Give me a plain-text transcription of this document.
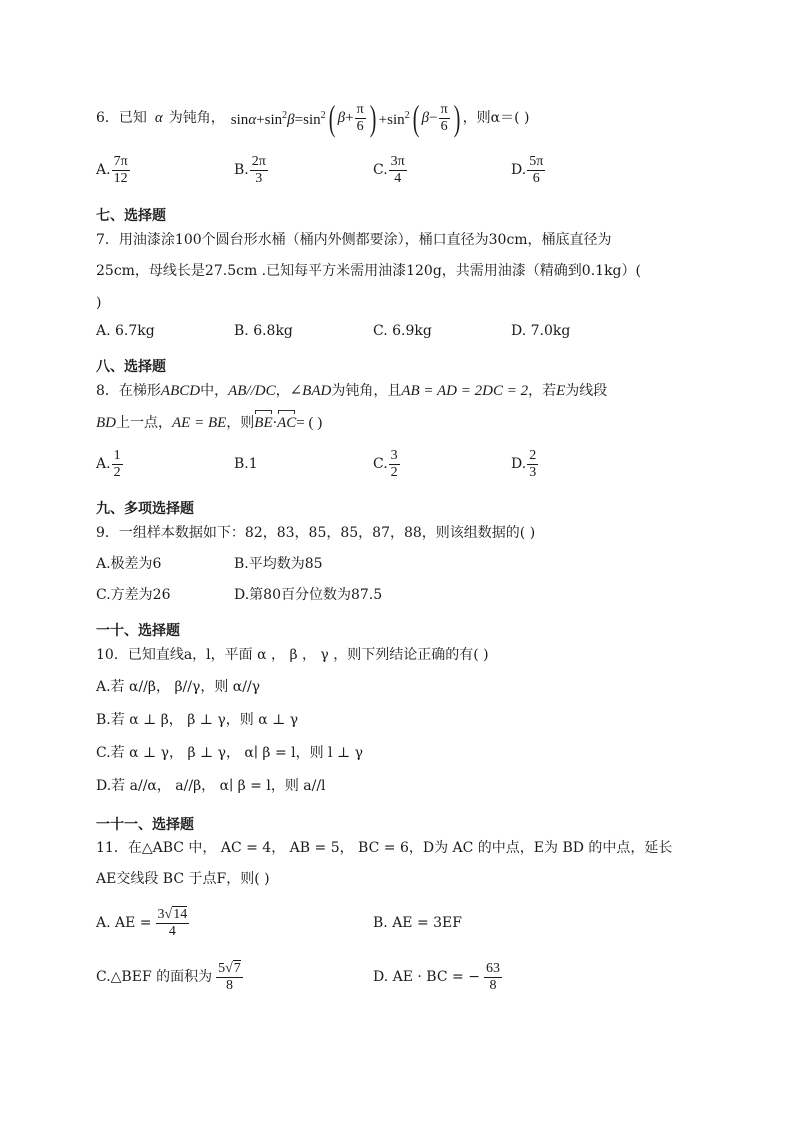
6．已知 α 为钝角， $\sin\alpha+\sin^2\beta=\sin^2$ ( $\beta + \frac{\pi}{6}$ ) $+\sin^2$ ( $\beta - \frac{\pi}{6}$ ) ，则α＝( )
A. $\frac{7\pi}{12}$	B. $\frac{2\pi}{3}$	C. $\frac{3\pi}{4}$	D. $\frac{5\pi}{6}$
七、选择题
7．用油漆涂100个圆台形水桶（桶内外侧都要涂），桶口直径为30cm，桶底直径为
25cm，母线长是27.5cm .已知每平方米需用油漆120g，共需用油漆（精确到0.1kg）(
)
A. 6.7kg	B. 6.8kg	C. 6.9kg	D. 7.0kg
八、选择题
8．在梯形ABCD中，AB//DC，∠BAD为钝角，且AB = AD = 2DC = 2，若E为线段
BD上一点，AE = BE，则BE·AC= ( )
A. $\frac{1}{2}$	B.1	C. $\frac{3}{2}$	D. $\frac{2}{3}$
九、多项选择题
9．一组样本数据如下：82，83，85，85，87，88，则该组数据的( )
A.极差为6	B.平均数为85
C.方差为26	D.第80百分位数为87.5
一十、选择题
10．已知直线a，l，平面 α ， β ， γ ，则下列结论正确的有( )
A.若 α//β， β//γ，则 α//γ
B.若 α ⊥ β， β ⊥ γ，则 α ⊥ γ
C.若 α ⊥ γ， β ⊥ γ， α∣ β = l，则 l ⊥ γ
D.若 a//α， a//β， α∣ β = l，则 a//l
一十一、选择题
11．在△ABC 中， AC = 4， AB = 5， BC = 6，D为 AC 的中点，E为 BD 的中点，延长
AE交线段 BC 于点F，则( )
A. AE = $\frac{3√14}{4}$	B. AE = 3EF
C.△BEF 的面积为 $\frac{5√7}{8}$	D. AE · BC = − $\frac{63}{8}$
